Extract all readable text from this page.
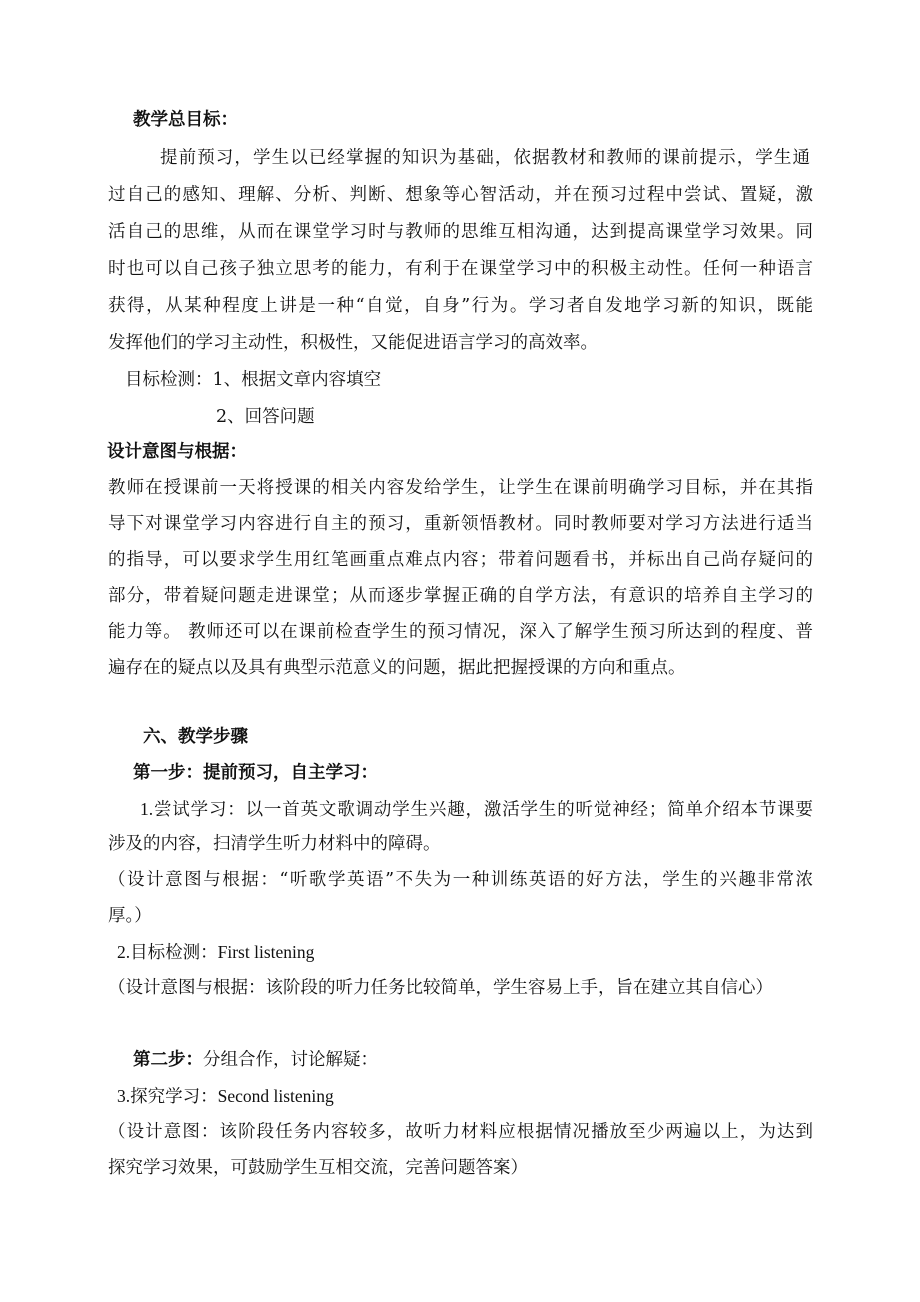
教学总目标：
提前预习，学生以已经掌握的知识为基础，依据教材和教师的课前提示，学生通
过自己的感知、理解、分析、判断、想象等心智活动，并在预习过程中尝试、置疑，激
活自己的思维，从而在课堂学习时与教师的思维互相沟通，达到提高课堂学习效果。同
时也可以自己孩子独立思考的能力，有利于在课堂学习中的积极主动性。任何一种语言
获得，从某种程度上讲是一种“自觉，自身”行为。学习者自发地学习新的知识，既能
发挥他们的学习主动性，积极性，又能促进语言学习的高效率。
目标检测：1、根据文章内容填空
2、回答问题
设计意图与根据：
教师在授课前一天将授课的相关内容发给学生，让学生在课前明确学习目标，并在其指
导下对课堂学习内容进行自主的预习，重新领悟教材。同时教师要对学习方法进行适当
的指导，可以要求学生用红笔画重点难点内容；带着问题看书，并标出自己尚存疑问的
部分，带着疑问题走进课堂；从而逐步掌握正确的自学方法，有意识的培养自主学习的
能力等。 教师还可以在课前检查学生的预习情况，深入了解学生预习所达到的程度、普
遍存在的疑点以及具有典型示范意义的问题，据此把握授课的方向和重点。
六、教学步骤
第一步：提前预习，自主学习：
1.尝试学习：以一首英文歌调动学生兴趣，激活学生的听觉神经；简单介绍本节课要
涉及的内容，扫清学生听力材料中的障碍。
（设计意图与根据：“听歌学英语”不失为一种训练英语的好方法，学生的兴趣非常浓
厚。）
2.目标检测：First listening
（设计意图与根据：该阶段的听力任务比较简单，学生容易上手，旨在建立其自信心）
第二步：分组合作，讨论解疑：
3.探究学习：Second listening
（设计意图：该阶段任务内容较多，故听力材料应根据情况播放至少两遍以上，为达到
探究学习效果，可鼓励学生互相交流，完善问题答案）
